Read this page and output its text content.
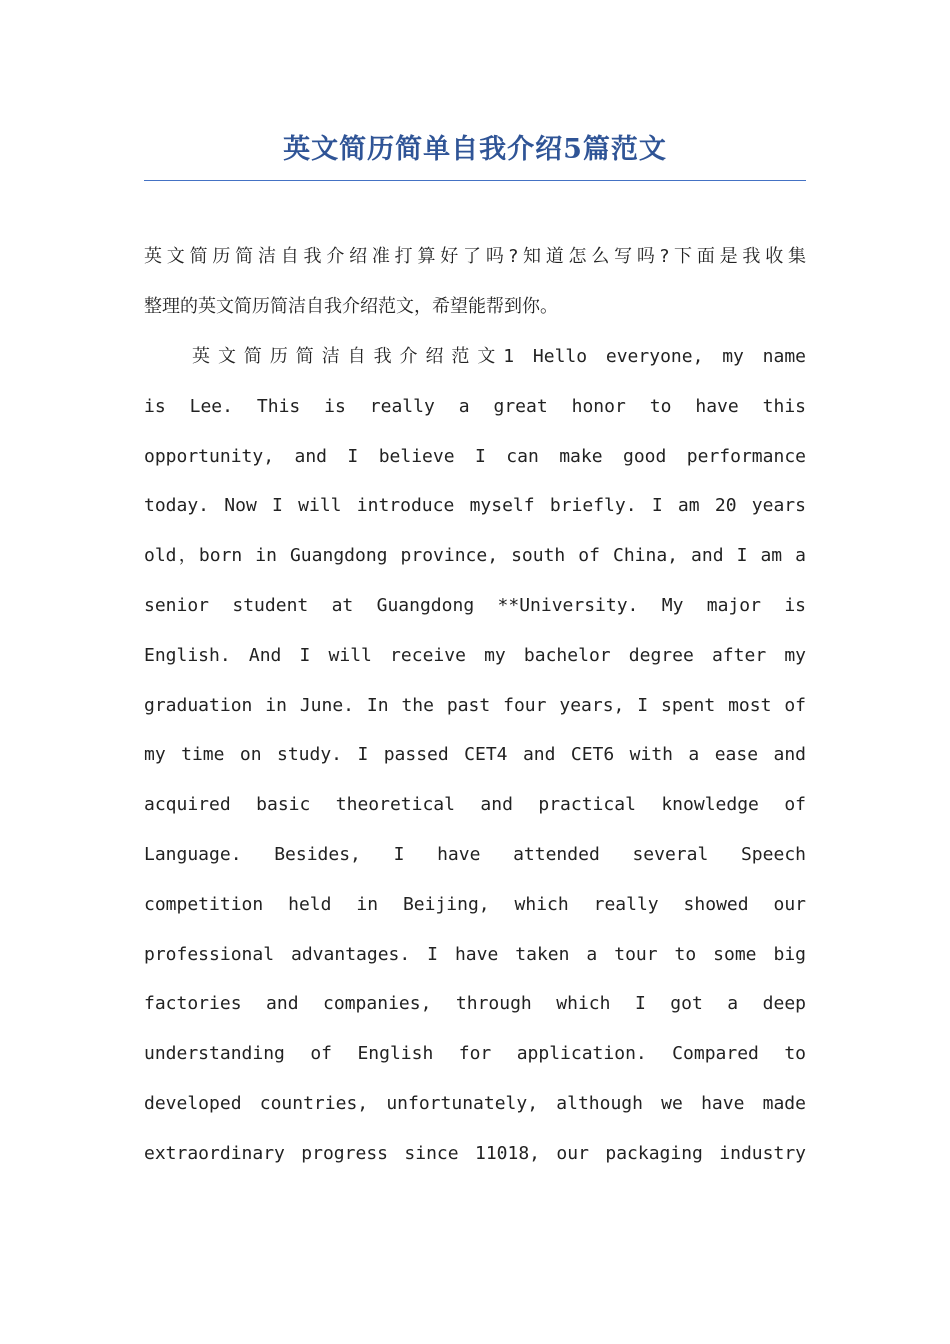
英文简历简单自我介绍5篇范文
英文简历简洁自我介绍准打算好了吗?知道怎么写吗?下面是我收集
整理的英文简历简洁自我介绍范文，希望能帮到你。
英文简历简洁自我介绍范文1 Hello everyone, my name
is Lee. This is really a great honor to have this
opportunity, and I believe I can make good performance
today. Now I will introduce myself briefly. I am 20 years
old，born in Guangdong province, south of China, and I am a
senior student at Guangdong **University. My major is
English. And I will receive my bachelor degree after my
graduation in June. In the past four years, I spent most of
my time on study. I passed CET4 and CET6 with a ease and
acquired basic theoretical and practical knowledge of
Language. Besides, I have attended several Speech
competition held in Beijing, which really showed our
professional advantages. I have taken a tour to some big
factories and companies, through which I got a deep
understanding of English for application. Compared to
developed countries, unfortunately, although we have made
extraordinary progress since 11018, our packaging industry
